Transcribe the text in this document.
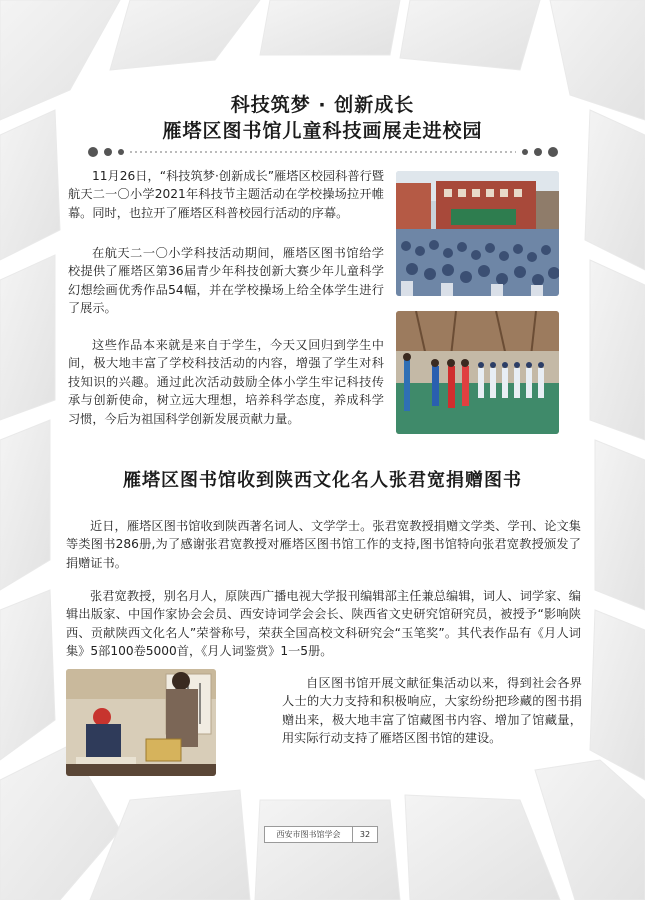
科技筑梦 · 创新成长
雁塔区图书馆儿童科技画展走进校园

11月26日，“科技筑梦·创新成长”雁塔区校园科普行暨航天二一〇小学2021年科技节主题活动在学校操场拉开帷幕。同时，也拉开了雁塔区科普校园行活动的序幕。

在航天二一〇小学科技活动期间，雁塔区图书馆给学校提供了雁塔区第36届青少年科技创新大赛少年儿童科学幻想绘画优秀作品54幅，并在学校操场上给全体学生进行了展示。

这些作品本来就是来自于学生，今天又回归到学生中间，极大地丰富了学校科技活动的内容，增强了学生对科技知识的兴趣。通过此次活动鼓励全体小学生牢记科技传承与创新使命，树立远大理想，培养科学态度，养成科学习惯，今后为祖国科学创新发展贡献力量。

雁塔区图书馆收到陕西文化名人张君宽捐赠图书

近日，雁塔区图书馆收到陕西著名词人、文学学士。张君宽教授捐赠文学类、学刊、论文集等类图书286册,为了感谢张君宽教授对雁塔区图书馆工作的支持,图书馆特向张君宽教授颁发了捐赠证书。

张君宽教授，别名月人，原陕西广播电视大学报刊编辑部主任兼总编辑，词人、词学家、编辑出版家、中国作家协会会员、西安诗词学会会长、陕西省文史研究馆研究员，被授予“影响陕西、贡献陕西文化名人”荣誉称号，荣获全国高校文科研究会“玉笔奖”。其代表作品有《月人词集》5部100卷5000首，《月人词鉴赏》1一5册。

自区图书馆开展文献征集活动以来，得到社会各界人士的大力支持和积极响应，大家纷纷把珍藏的图书捐赠出来，极大地丰富了馆藏图书内容、增加了馆藏量，用实际行动支持了雁塔区图书馆的建设。

西安市图书馆学会	32
